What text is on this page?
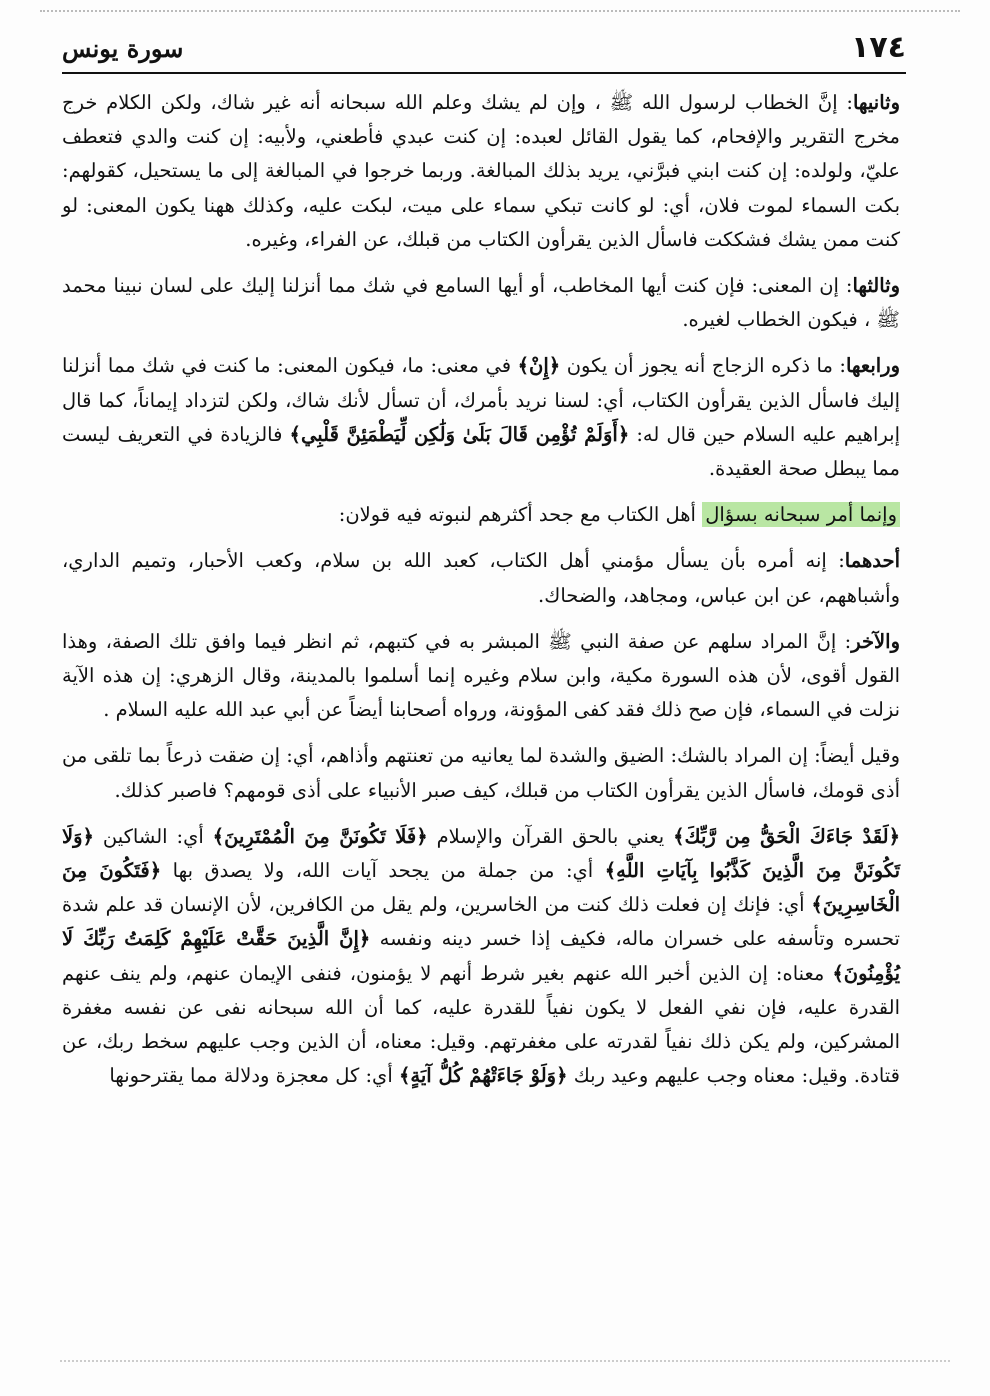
١٧٤
سورة يونس

وثانيها: إنَّ الخطاب لرسول الله ﷺ ، وإن لم يشك وعلم الله سبحانه أنه غير شاك، ولكن الكلام خرج مخرج التقرير والإفحام، كما يقول القائل لعبده: إن كنت عبدي فأطعني، ولأبيه: إن كنت والدي فتعطف عليّ، ولولده: إن كنت ابني فبرَّني، يريد بذلك المبالغة. وربما خرجوا في المبالغة إلى ما يستحيل، كقولهم: بكت السماء لموت فلان، أي: لو كانت تبكي سماء على ميت، لبكت عليه، وكذلك ههنا يكون المعنى: لو كنت ممن يشك فشككت فاسأل الذين يقرأون الكتاب من قبلك، عن الفراء، وغيره.

وثالثها: إن المعنى: فإن كنت أيها المخاطب، أو أيها السامع في شك مما أنزلنا إليك على لسان نبينا محمد ﷺ ، فيكون الخطاب لغيره.

ورابعها: ما ذكره الزجاج أنه يجوز أن يكون ﴿إِنْ﴾ في معنى: ما، فيكون المعنى: ما كنت في شك مما أنزلنا إليك فاسأل الذين يقرأون الكتاب، أي: لسنا نريد بأمرك، أن تسأل لأنك شاك، ولكن لتزداد إيماناً، كما قال إبراهيم عليه السلام حين قال له: ﴿أَوَلَمْ تُؤْمِن قَالَ بَلَىٰ وَلَٰكِن لِّيَطْمَئِنَّ قَلْبِي﴾ فالزيادة في التعريف ليست مما يبطل صحة العقيدة.

وإنما أمر سبحانه بسؤال أهل الكتاب مع جحد أكثرهم لنبوته فيه قولان:

أحدهما: إنه أمره بأن يسأل مؤمني أهل الكتاب، كعبد الله بن سلام، وكعب الأحبار، وتميم الداري، وأشباههم، عن ابن عباس، ومجاهد، والضحاك.

والآخر: إنَّ المراد سلهم عن صفة النبي ﷺ المبشر به في كتبهم، ثم انظر فيما وافق تلك الصفة، وهذا القول أقوى، لأن هذه السورة مكية، وابن سلام وغيره إنما أسلموا بالمدينة، وقال الزهري: إن هذه الآية نزلت في السماء، فإن صح ذلك فقد كفى المؤونة، ورواه أصحابنا أيضاً عن أبي عبد الله عليه السلام .

وقيل أيضاً: إن المراد بالشك: الضيق والشدة لما يعانيه من تعنتهم وأذاهم، أي: إن ضقت ذرعاً بما تلقى من أذى قومك، فاسأل الذين يقرأون الكتاب من قبلك، كيف صبر الأنبياء على أذى قومهم؟ فاصبر كذلك.

﴿لَقَدْ جَاءَكَ الْحَقُّ مِن رَّبِّكَ﴾ يعني بالحق القرآن والإسلام ﴿فَلَا تَكُونَنَّ مِنَ الْمُمْتَرِينَ﴾ أي: الشاكين ﴿وَلَا تَكُونَنَّ مِنَ الَّذِينَ كَذَّبُوا بِآيَاتِ اللَّهِ﴾ أي: من جملة من يجحد آيات الله، ولا يصدق بها ﴿فَتَكُونَ مِنَ الْخَاسِرِينَ﴾ أي: فإنك إن فعلت ذلك كنت من الخاسرين، ولم يقل من الكافرين، لأن الإنسان قد علم شدة تحسره وتأسفه على خسران ماله، فكيف إذا خسر دينه ونفسه ﴿إِنَّ الَّذِينَ حَقَّتْ عَلَيْهِمْ كَلِمَتُ رَبِّكَ لَا يُؤْمِنُونَ﴾ معناه: إن الذين أخبر الله عنهم بغير شرط أنهم لا يؤمنون، فنفى الإيمان عنهم، ولم ينف عنهم القدرة عليه، فإن نفي الفعل لا يكون نفياً للقدرة عليه، كما أن الله سبحانه نفى عن نفسه مغفرة المشركين، ولم يكن ذلك نفياً لقدرته على مغفرتهم. وقيل: معناه، أن الذين وجب عليهم سخط ربك، عن قتادة. وقيل: معناه وجب عليهم وعيد ربك ﴿وَلَوْ جَاءَتْهُمْ كُلُّ آيَةٍ﴾ أي: كل معجزة ودلالة مما يقترحونها
